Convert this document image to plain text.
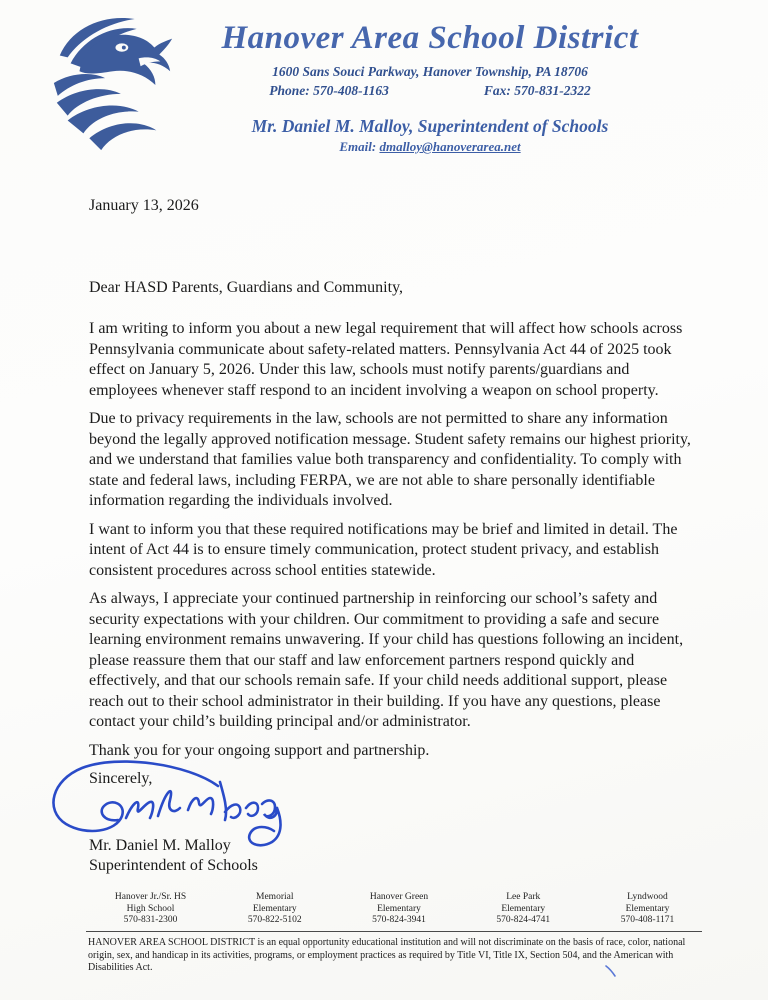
Hanover Area School District
1600 Sans Souci Parkway, Hanover Township, PA 18706
Phone: 570-408-1163	Fax: 570-831-2322
Mr. Daniel M. Malloy, Superintendent of Schools
Email: dmalloy@hanoverarea.net

January 13, 2026

Dear HASD Parents, Guardians and Community,

I am writing to inform you about a new legal requirement that will affect how schools across Pennsylvania communicate about safety-related matters. Pennsylvania Act 44 of 2025 took effect on January 5, 2026. Under this law, schools must notify parents/guardians and employees whenever staff respond to an incident involving a weapon on school property.

Due to privacy requirements in the law, schools are not permitted to share any information beyond the legally approved notification message. Student safety remains our highest priority, and we understand that families value both transparency and confidentiality. To comply with state and federal laws, including FERPA, we are not able to share personally identifiable information regarding the individuals involved.

I want to inform you that these required notifications may be brief and limited in detail. The intent of Act 44 is to ensure timely communication, protect student privacy, and establish consistent procedures across school entities statewide.

As always, I appreciate your continued partnership in reinforcing our school’s safety and security expectations with your children. Our commitment to providing a safe and secure learning environment remains unwavering. If your child has questions following an incident, please reassure them that our staff and law enforcement partners respond quickly and effectively, and that our schools remain safe. If your child needs additional support, please reach out to their school administrator in their building. If you have any questions, please contact your child’s building principal and/or administrator.

Thank you for your ongoing support and partnership.

Sincerely,

Mr. Daniel M. Malloy

Superintendent of Schools

Hanover Jr./Sr. HS
High School
570-831-2300
Memorial
Elementary
570-822-5102
Hanover Green
Elementary
570-824-3941
Lee Park
Elementary
570-824-4741
Lyndwood
Elementary
570-408-1171
HANOVER AREA SCHOOL DISTRICT is an equal opportunity educational institution and will not discriminate on the basis of race, color, national origin, sex, and handicap in its activities, programs, or employment practices as required by Title VI, Title IX, Section 504, and the American with Disabilities Act.
